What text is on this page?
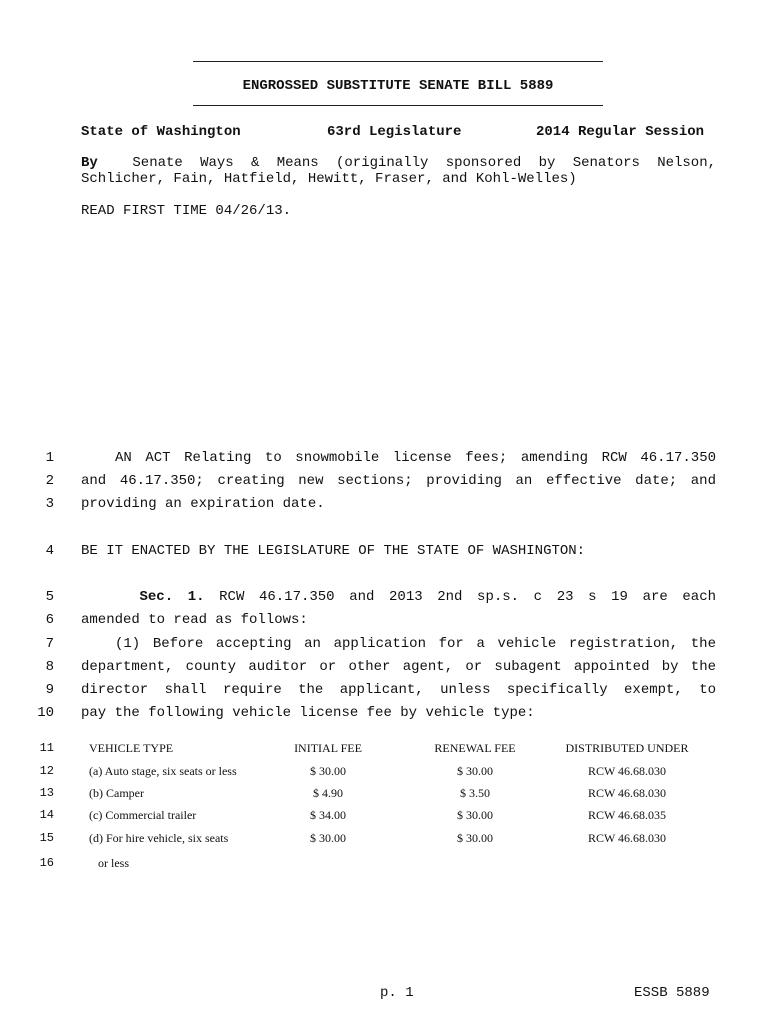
ENGROSSED SUBSTITUTE SENATE BILL 5889
State of Washington	63rd Legislature	2014 Regular Session
By Senate Ways & Means (originally sponsored by Senators Nelson,
Schlicher, Fain, Hatfield, Hewitt, Fraser, and Kohl-Welles)
READ FIRST TIME 04/26/13.
1	AN ACT Relating to snowmobile license fees; amending RCW 46.17.350
2 and 46.17.350; creating new sections; providing an effective date; and
3 providing an expiration date.
4 BE IT ENACTED BY THE LEGISLATURE OF THE STATE OF WASHINGTON:
5	Sec. 1. RCW 46.17.350 and 2013 2nd sp.s. c 23 s 19 are each
6 amended to read as follows:
7	(1) Before accepting an application for a vehicle registration, the
8 department, county auditor or other agent, or subagent appointed by the
9 director shall require the applicant, unless specifically exempt, to
10 pay the following vehicle license fee by vehicle type:
11	VEHICLE TYPE	INITIAL FEE	RENEWAL FEE	DISTRIBUTED UNDER
12	(a) Auto stage, six seats or less	$ 30.00	$ 30.00	RCW 46.68.030
13	(b) Camper	$ 4.90	$ 3.50	RCW 46.68.030
14	(c) Commercial trailer	$ 34.00	$ 30.00	RCW 46.68.035
15	(d) For hire vehicle, six seats	$ 30.00	$ 30.00	RCW 46.68.030
16	or less
p. 1	ESSB 5889
